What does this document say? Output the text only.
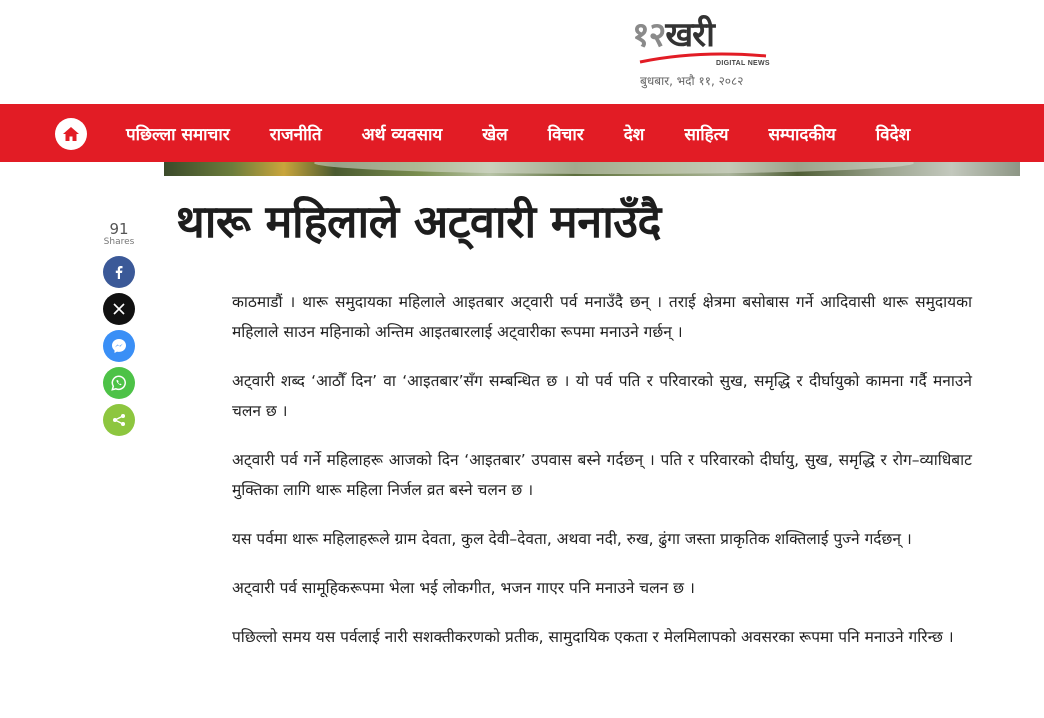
१२खरी
DIGITAL NEWS
बुधबार, भदौ ११, २०८२
पछिल्ला समाचार राजनीति अर्थ व्यवसाय खेल विचार देश साहित्य सम्पादकीय विदेश
थारू महिलाले अट्वारी मनाउँदै
91
Shares

काठमाडौं । थारू समुदायका महिलाले आइतबार अट्वारी पर्व मनाउँदै छन् । तराई क्षेत्रमा बसोबास गर्ने आदिवासी थारू समुदायका महिलाले साउन महिनाको अन्तिम आइतबारलाई अट्वारीका रूपमा मनाउने गर्छन् ।

अट्वारी शब्द ‘आठौँ दिन’ वा ‘आइतबार’सँग सम्बन्धित छ । यो पर्व पति र परिवारको सुख, समृद्धि र दीर्घायुको कामना गर्दै मनाउने चलन छ ।

अट्वारी पर्व गर्ने महिलाहरू आजको दिन ‘आइतबार’ उपवास बस्ने गर्दछन् । पति र परिवारको दीर्घायु, सुख, समृद्धि र रोग–व्याधिबाट मुक्तिका लागि थारू महिला निर्जल व्रत बस्ने चलन छ ।

यस पर्वमा थारू महिलाहरूले ग्राम देवता, कुल देवी–देवता, अथवा नदी, रुख, ढुंगा जस्ता प्राकृतिक शक्तिलाई पुज्ने गर्दछन् ।

अट्वारी पर्व सामूहिकरूपमा भेला भई लोकगीत, भजन गाएर पनि मनाउने चलन छ ।

पछिल्लो समय यस पर्वलाई नारी सशक्तीकरणको प्रतीक, सामुदायिक एकता र मेलमिलापको अवसरका रूपमा पनि मनाउने गरिन्छ ।
